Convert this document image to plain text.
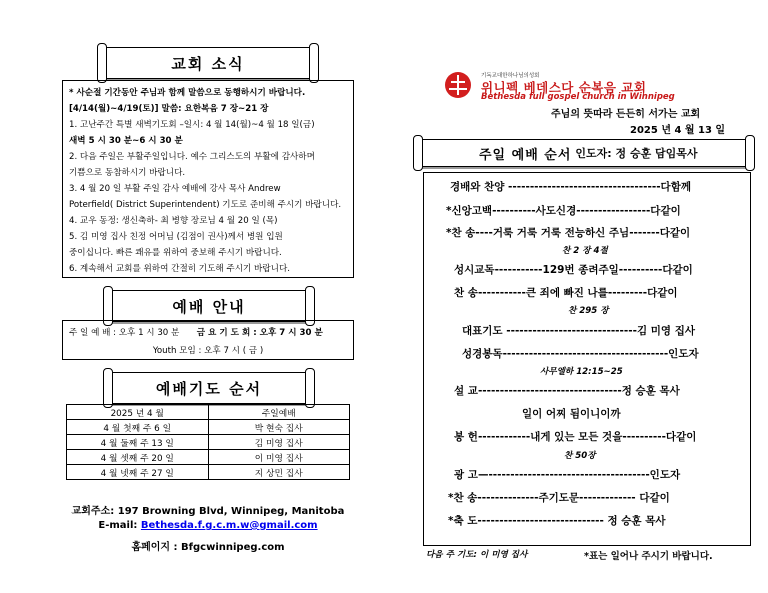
교회 소식
* 사순절 기간동안 주님과 함께 말씀으로 동행하시기 바랍니다.
[4/14(월)~4/19(토)] 말씀: 요한복음 7 장~21 장
1. 고난주간 특별 새벽기도회 –일시: 4 월 14(월)~4 월 18 일(금)
새벽 5 시 30 분~6 시 30 분
2. 다음 주일은 부활주일입니다. 예수 그리스도의 부활에 감사하며
기쁨으로 동참하시기 바랍니다.
3. 4 월 20 일 부활 주일 감사 예배에 강사 목사 Andrew
Poterfield( District Superintendent) 기도로 준비해 주시기 바랍니다.
4. 교우 동정: 생신축하- 최 병향 장로님 4 월 20 일 (목)
5. 김 미영 집사 친정 어머님 (김점이 권사)께서 병원 입원
중이십니다. 빠른 쾌유를 위하여 중보해 주시기 바랍니다.
6. 계속해서 교회를 위하여 간절히 기도해 주시기 바랍니다.
예배 안내
주 일 예 배 : 오후 1 시 30 분 금 요 기 도 회 : 오후 7 시 30 분
Youth 모임 : 오후 7 시 ( 금 )
예배기도 순서
2025 년 4 월	주일예배
4 월 첫째 주 6 일	박 현숙 집사
4 월 둘째 주 13 일	김 미영 집사
4 월 셋째 주 20 일	이 미영 집사
4 월 넷째 주 27 일	지 상민 집사
교회주소: 197 Browning Blvd, Winnipeg, Manitoba
E-mail: Bethesda.f.g.c.m.w@gmail.com
홈페이지 : Bfgcwinnipeg.com
기독교대한하나님의성회
위니펙 베데스다 순복음 교회
Bethesda full gospel church in Winnipeg
주님의 뜻따라 든든히 서가는 교회
2025 년 4 월 13 일
주일 예배 순서 인도자: 정 승훈 담임목사
경배와 찬양 -----------------------------------다함께
*신앙고백----------사도신경-----------------다같이
*찬 송----거룩 거룩 거룩 전능하신 주님-------다같이
찬 2 장 4절
성시교독-----------129번 종려주일----------다같이
찬 송-----------큰 죄에 빠진 나를---------다같이
찬 295 장
대표기도 ------------------------------김 미영 집사
성경봉독--------------------------------------인도자
사무엘하 12:15~25
설 교---------------------------------정 승훈 목사
일이 어찌 됨이니이까
봉 헌------------내게 있는 모든 것을----------다같이
찬 50장
광 고—-------------------------------------인도자
*찬 송--------------주기도문------------- 다같이
*축 도----------------------------- 정 승훈 목사
다음 주 기도: 이 미영 집사	*표는 일어나 주시기 바랍니다.
